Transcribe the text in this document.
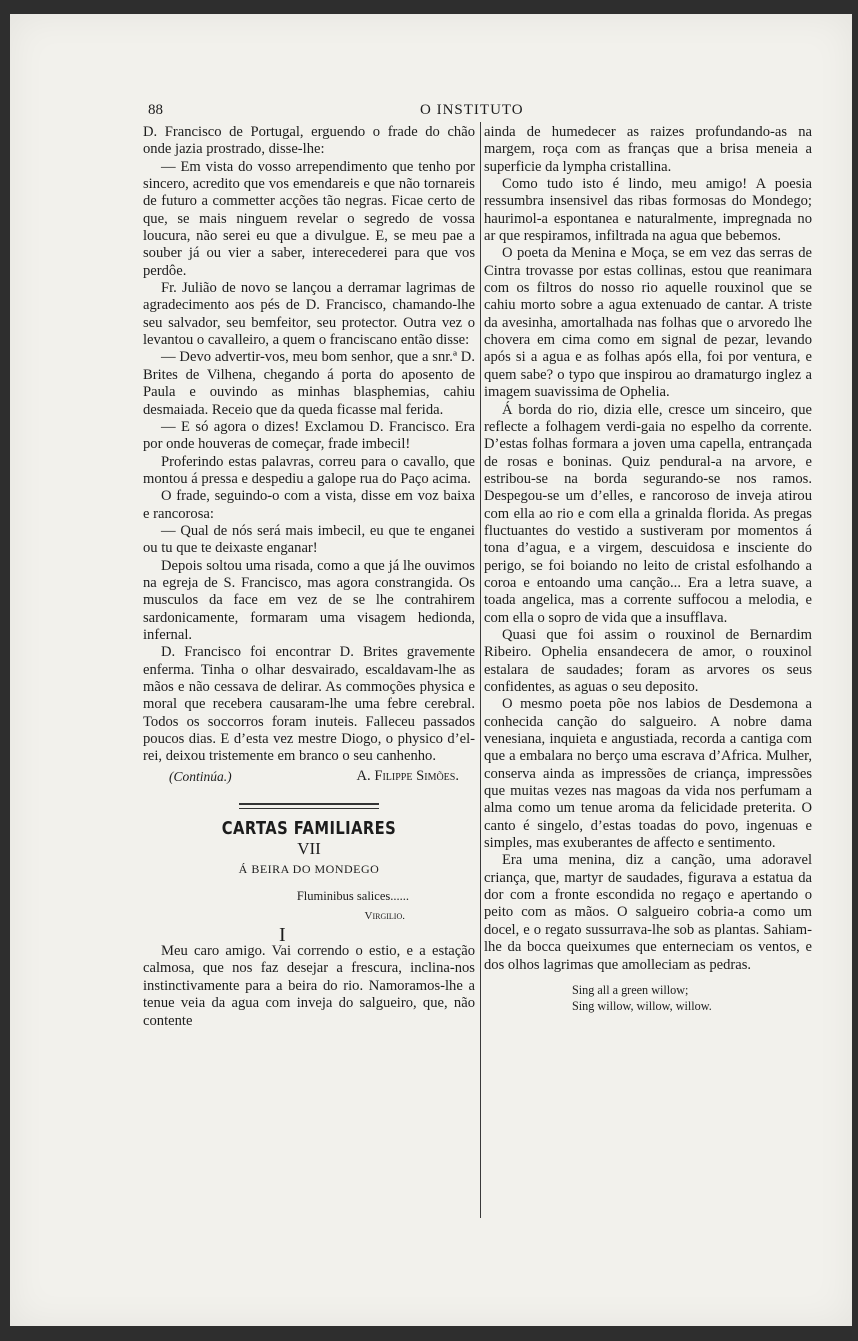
88	O INSTITUTO

D. Francisco de Portugal, erguendo o frade do chão onde jazia prostrado, disse-lhe:

— Em vista do vosso arrependimento que tenho por sincero, acredito que vos emendareis e que não tornareis de futuro a commetter acções tão negras. Ficae certo de que, se mais ninguem revelar o segredo de vossa loucura, não serei eu que a divulgue. E, se meu pae a souber já ou vier a saber, interecederei para que vos perdôe.

Fr. Julião de novo se lançou a derramar lagrimas de agradecimento aos pés de D. Francisco, chamando-lhe seu salvador, seu bemfeitor, seu protector. Outra vez o levantou o cavalleiro, a quem o franciscano então disse:

— Devo advertir-vos, meu bom senhor, que a snr.ª D. Brites de Vilhena, chegando á porta do aposento de Paula e ouvindo as minhas blasphemias, cahiu desmaiada. Receio que da queda ficasse mal ferida.

— E só agora o dizes! Exclamou D. Francisco. Era por onde houveras de começar, frade imbecil!

Proferindo estas palavras, correu para o cavallo, que montou á pressa e despediu a galope rua do Paço acima.

O frade, seguindo-o com a vista, disse em voz baixa e rancorosa:

— Qual de nós será mais imbecil, eu que te enganei ou tu que te deixaste enganar!

Depois soltou uma risada, como a que já lhe ouvimos na egreja de S. Francisco, mas agora constrangida. Os musculos da face em vez de se lhe contrahirem sardonicamente, formaram uma visagem hedionda, infernal.

D. Francisco foi encontrar D. Brites gravemente enferma. Tinha o olhar desvairado, escaldavam-lhe as mãos e não cessava de delirar. As commoções physica e moral que recebera causaram-lhe uma febre cerebral. Todos os soccorros foram inuteis. Falleceu passados poucos dias. E d’esta vez mestre Diogo, o physico d’el-rei, deixou tristemente em branco o seu canhenho.

(Continúa.)	A. Filippe Simões.
CARTAS FAMILIARES
VII
Á BEIRA DO MONDEGO
Fluminibus salices......
Virgilio.
I

Meu caro amigo. Vai correndo o estio, e a estação calmosa, que nos faz desejar a frescura, inclina-nos instinctivamente para a beira do rio. Namoramos-lhe a tenue veia da agua com inveja do salgueiro, que, não contente

ainda de humedecer as raizes profundando-as na margem, roça com as franças que a brisa meneia a superficie da lympha cristallina.

Como tudo isto é lindo, meu amigo! A poesia ressumbra insensivel das ribas formosas do Mondego; haurimol-a espontanea e naturalmente, impregnada no ar que respiramos, infiltrada na agua que bebemos.

O poeta da Menina e Moça, se em vez das serras de Cintra trovasse por estas collinas, estou que reanimara com os filtros do nosso rio aquelle rouxinol que se cahiu morto sobre a agua extenuado de cantar. A triste da avesinha, amortalhada nas folhas que o arvoredo lhe chovera em cima como em signal de pezar, levando após si a agua e as folhas após ella, foi por ventura, e quem sabe? o typo que inspirou ao dramaturgo inglez a imagem suavissima de Ophelia.

Á borda do rio, dizia elle, cresce um sinceiro, que reflecte a folhagem verdi-gaia no espelho da corrente. D’estas folhas formara a joven uma capella, entrançada de rosas e boninas. Quiz pendural-a na arvore, e estribou-se na borda segurando-se nos ramos. Despegou-se um d’elles, e rancoroso de inveja atirou com ella ao rio e com ella a grinalda florida. As pregas fluctuantes do vestido a sustiveram por momentos á tona d’agua, e a virgem, descuidosa e insciente do perigo, se foi boiando no leito de cristal esfolhando a coroa e entoando uma canção... Era a letra suave, a toada angelica, mas a corrente suffocou a melodia, e com ella o sopro de vida que a insufflava.

Quasi que foi assim o rouxinol de Bernardim Ribeiro. Ophelia ensandecera de amor, o rouxinol estalara de saudades; foram as arvores os seus confidentes, as aguas o seu deposito.

O mesmo poeta põe nos labios de Desdemona a conhecida canção do salgueiro. A nobre dama venesiana, inquieta e angustiada, recorda a cantiga com que a embalara no berço uma escrava d’Africa. Mulher, conserva ainda as impressões de criança, impressões que muitas vezes nas magoas da vida nos perfumam a alma como um tenue aroma da felicidade preterita. O canto é singelo, d’estas toadas do povo, ingenuas e simples, mas exuberantes de affecto e sentimento.

Era uma menina, diz a canção, uma adoravel criança, que, martyr de saudades, figurava a estatua da dor com a fronte escondida no regaço e apertando o peito com as mãos. O salgueiro cobria-a como um docel, e o regato sussurrava-lhe sob as plantas. Sahiam-lhe da bocca queixumes que enterneciam os ventos, e dos olhos lagrimas que amolleciam as pedras.

Sing all a green willow;
Sing willow, willow, willow.
